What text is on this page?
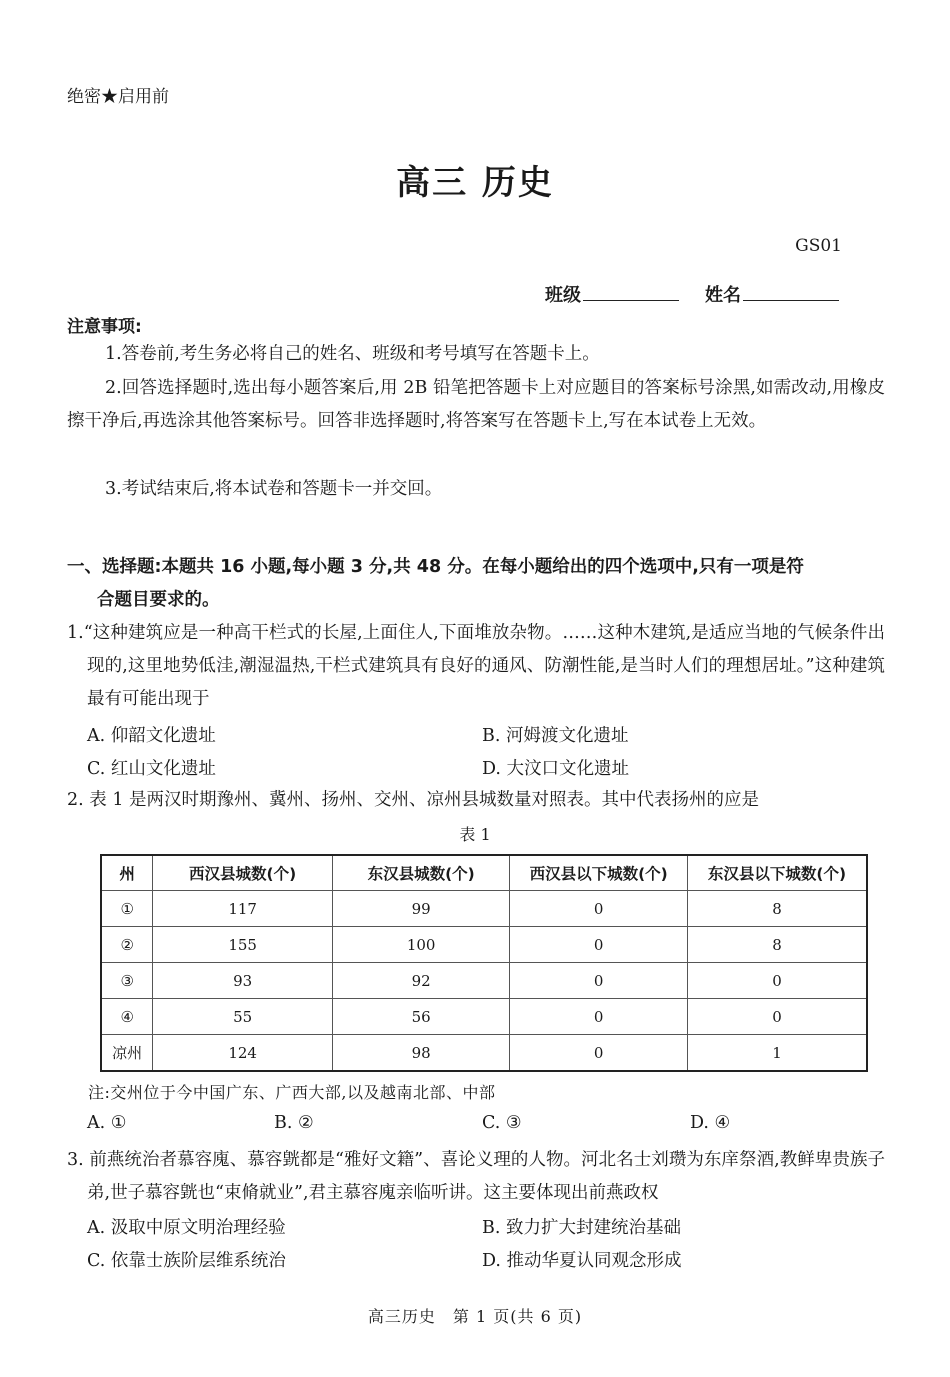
绝密★启用前
高三 历史
GS01
班级	姓名
注意事项:
1.答卷前,考生务必将自己的姓名、班级和考号填写在答题卡上。
2.回答选择题时,选出每小题答案后,用 2B 铅笔把答题卡上对应题目的答案标号涂黑,如需改动,用橡皮擦干净后,再选涂其他答案标号。回答非选择题时,将答案写在答题卡上,写在本试卷上无效。
3.考试结束后,将本试卷和答题卡一并交回。
一、选择题:本题共 16 小题,每小题 3 分,共 48 分。在每小题给出的四个选项中,只有一项是符
合题目要求的。
1.“这种建筑应是一种高干栏式的长屋,上面住人,下面堆放杂物。……这种木建筑,是适应当地的气候条件出现的,这里地势低洼,潮湿温热,干栏式建筑具有良好的通风、防潮性能,是当时人们的理想居址。”这种建筑最有可能出现于
A. 仰韶文化遗址	B. 河姆渡文化遗址
C. 红山文化遗址	D. 大汶口文化遗址
2. 表 1 是两汉时期豫州、冀州、扬州、交州、凉州县城数量对照表。其中代表扬州的应是
表 1
州	西汉县城数(个)	东汉县城数(个)	西汉县以下城数(个)	东汉县以下城数(个)
①	117	99	0	8
②	155	100	0	8
③	93	92	0	0
④	55	56	0	0
凉州	124	98	0	1
注:交州位于今中国广东、广西大部,以及越南北部、中部
A. ①	B. ②	C. ③	D. ④
3. 前燕统治者慕容廆、慕容皝都是“雅好文籍”、喜论义理的人物。河北名士刘瓒为东庠祭酒,教鲜卑贵族子弟,世子慕容皝也“束脩就业”,君主慕容廆亲临听讲。这主要体现出前燕政权
A. 汲取中原文明治理经验	B. 致力扩大封建统治基础
C. 依靠士族阶层维系统治	D. 推动华夏认同观念形成
高三历史　第 1 页(共 6 页)
